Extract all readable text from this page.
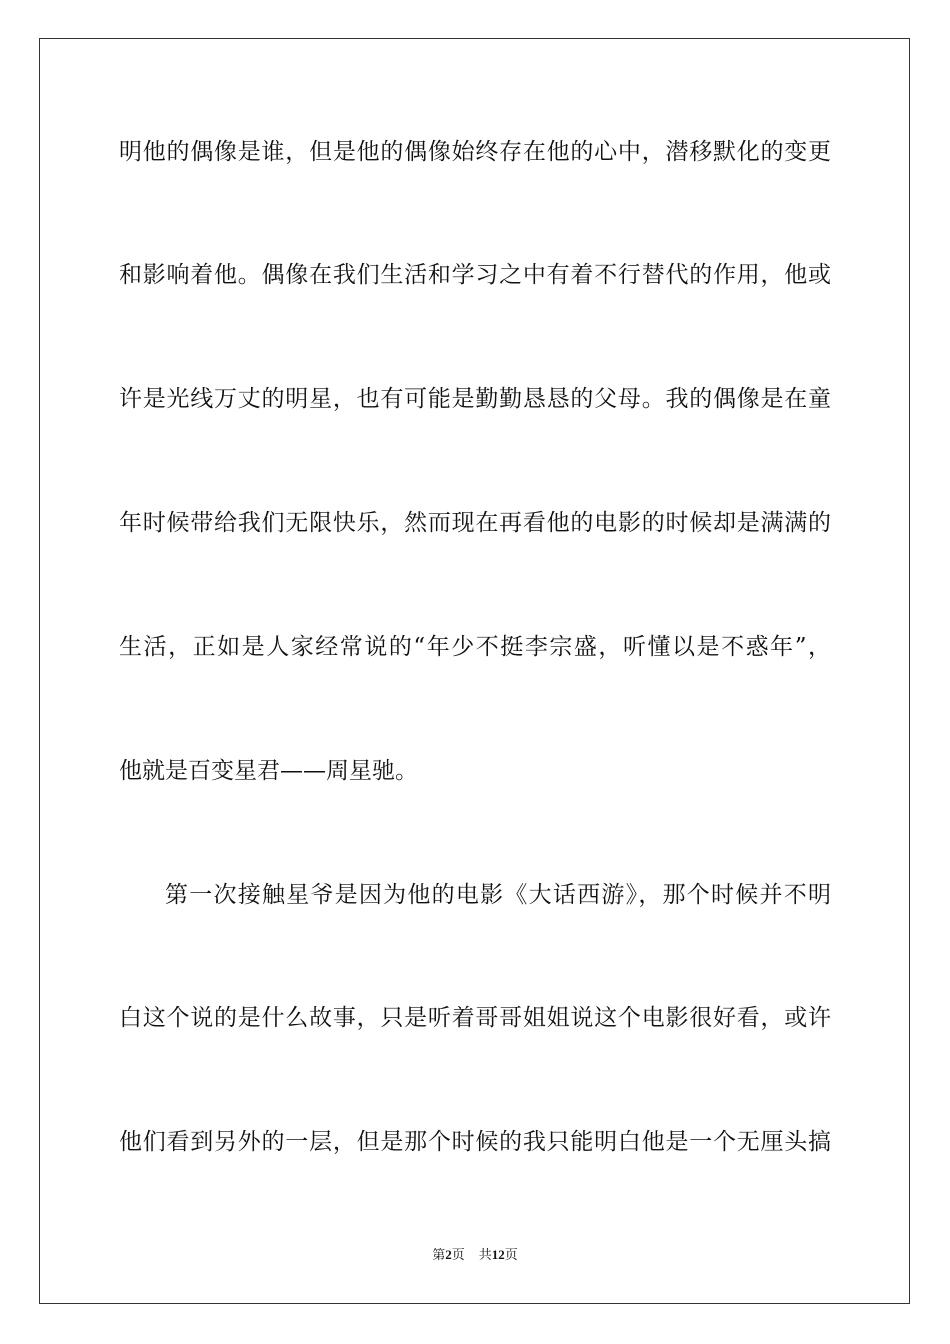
明他的偶像是谁，但是他的偶像始终存在他的心中，潜移默化的变更
和影响着他。偶像在我们生活和学习之中有着不行替代的作用，他或
许是光线万丈的明星，也有可能是勤勤恳恳的父母。我的偶像是在童
年时候带给我们无限快乐，然而现在再看他的电影的时候却是满满的
生活，正如是人家经常说的“年少不挺李宗盛，听懂以是不惑年”，
他就是百变星君——周星驰。
第一次接触星爷是因为他的电影《大话西游》，那个时候并不明
白这个说的是什么故事，只是听着哥哥姐姐说这个电影很好看，或许
他们看到另外的一层，但是那个时候的我只能明白他是一个无厘头搞
第2页 共12页
